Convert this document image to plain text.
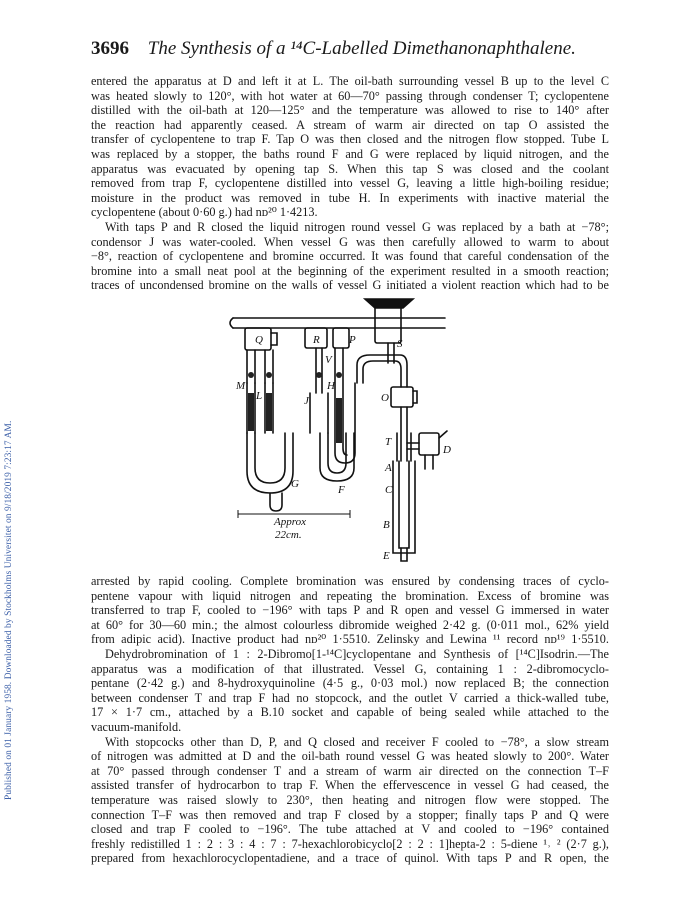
Published on 01 January 1958. Downloaded by Stockholms Universitet on 9/18/2019 7:23:17 AM.
3696 The Synthesis of a ¹⁴C-Labelled Dimethanonaphthalene.
entered the apparatus at D and left it at L. The oil-bath surrounding vessel B up to the level C
was heated slowly to 120°, with hot water at 60—70° passing through condenser T; cyclopentene
distilled with the oil-bath at 120—125° and the temperature was allowed to rise to 140° after
the reaction had apparently ceased. A stream of warm air directed on tap O assisted the
transfer of cyclopentene to trap F. Tap O was then closed and the nitrogen flow stopped. Tube L
was replaced by a stopper, the baths round F and G were replaced by liquid nitrogen, and the
apparatus was evacuated by opening tap S. When this tap S was closed and the coolant
removed from trap F, cyclopentene distilled into vessel G, leaving a little high-boiling residue;
moisture in the product was removed in tube H. In experiments with inactive material the
cyclopentene (about 0·60 g.) had nᴅ²⁰ 1·4213.
With taps P and R closed the liquid nitrogen round vessel G was replaced by a bath at −78°;
condensor J was water-cooled. When vessel G was then carefully allowed to warm to about
−8°, reaction of cyclopentene and bromine occurred. It was found that careful condensation of the
bromine into a small neat pool at the beginning of the experiment resulted in a smooth reaction;
traces of uncondensed bromine on the walls of vessel G initiated a violent reaction which had to be
S
Q	R	P
V
M
L	J
H
O
F
G
T
D
A
C
B
E
Approx
22cm.
arrested by rapid cooling. Complete bromination was ensured by condensing traces of cyclo-
pentene vapour with liquid nitrogen and repeating the bromination. Excess of bromine was
transferred to trap F, cooled to −196° with taps P and R open and vessel G immersed in water
at 60° for 30—60 min.; the almost colourless dibromide weighed 2·42 g. (0·011 mol., 62% yield
from adipic acid). Inactive product had nᴅ²⁰ 1·5510. Zelinsky and Lewina ¹¹ record nᴅ¹⁹ 1·5510.
Dehydrobromination of 1 : 2-Dibromo[1-¹⁴C]cyclopentane and Synthesis of [¹⁴C]Isodrin.—The
apparatus was a modification of that illustrated. Vessel G, containing 1 : 2-dibromocyclo-
pentane (2·42 g.) and 8-hydroxyquinoline (4·5 g., 0·03 mol.) now replaced B; the connection
between condenser T and trap F had no stopcock, and the outlet V carried a thick-walled tube,
17 × 1·7 cm., attached by a B.10 socket and capable of being sealed while attached to the
vacuum-manifold.
With stopcocks other than D, P, and Q closed and receiver F cooled to −78°, a slow stream
of nitrogen was admitted at D and the oil-bath round vessel G was heated slowly to 200°. Water
at 70° passed through condenser T and a stream of warm air directed on the connection T–F
assisted transfer of hydrocarbon to trap F. When the effervescence in vessel G had ceased, the
temperature was raised slowly to 230°, then heating and nitrogen flow were stopped. The
connection T–F was then removed and trap F closed by a stopper; finally taps P and Q were
closed and trap F cooled to −196°. The tube attached at V and cooled to −196° contained
freshly redistilled 1 : 2 : 3 : 4 : 7 : 7-hexachlorobicyclo[2 : 2 : 1]hepta-2 : 5-diene ¹˒ ² (2·7 g.),
prepared from hexachlorocyclopentadiene, and a trace of quinol. With taps P and R open, the
